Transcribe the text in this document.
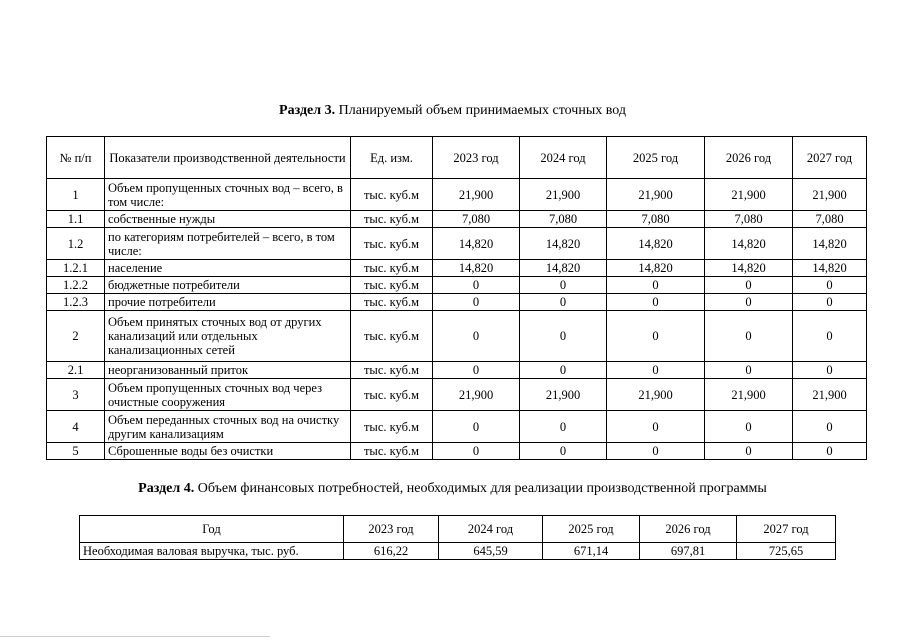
Раздел 3. Планируемый объем принимаемых сточных вод
№ п/п	Показатели производственной деятельности	Ед. изм.	2023 год	2024 год	2025 год	2026 год	2027 год
1	Объем пропущенных сточных вод – всего, в том числе:	тыс. куб.м	21,900	21,900	21,900	21,900	21,900
1.1	собственные нужды	тыс. куб.м	7,080	7,080	7,080	7,080	7,080
1.2	по категориям потребителей – всего, в том числе:	тыс. куб.м	14,820	14,820	14,820	14,820	14,820
1.2.1	население	тыс. куб.м	14,820	14,820	14,820	14,820	14,820
1.2.2	бюджетные потребители	тыс. куб.м	0	0	0	0	0
1.2.3	прочие потребители	тыс. куб.м	0	0	0	0	0
2	Объем принятых сточных вод от других канализаций или отдельных канализационных сетей	тыс. куб.м	0	0	0	0	0
2.1	неорганизованный приток	тыс. куб.м	0	0	0	0	0
3	Объем пропущенных сточных вод через очистные сооружения	тыс. куб.м	21,900	21,900	21,900	21,900	21,900
4	Объем переданных сточных вод на очистку другим канализациям	тыс. куб.м	0	0	0	0	0
5	Сброшенные воды без очистки	тыс. куб.м	0	0	0	0	0
Раздел 4. Объем финансовых потребностей, необходимых для реализации производственной программы
Год	2023 год	2024 год	2025 год	2026 год	2027 год
Необходимая валовая выручка, тыс. руб.	616,22	645,59	671,14	697,81	725,65
